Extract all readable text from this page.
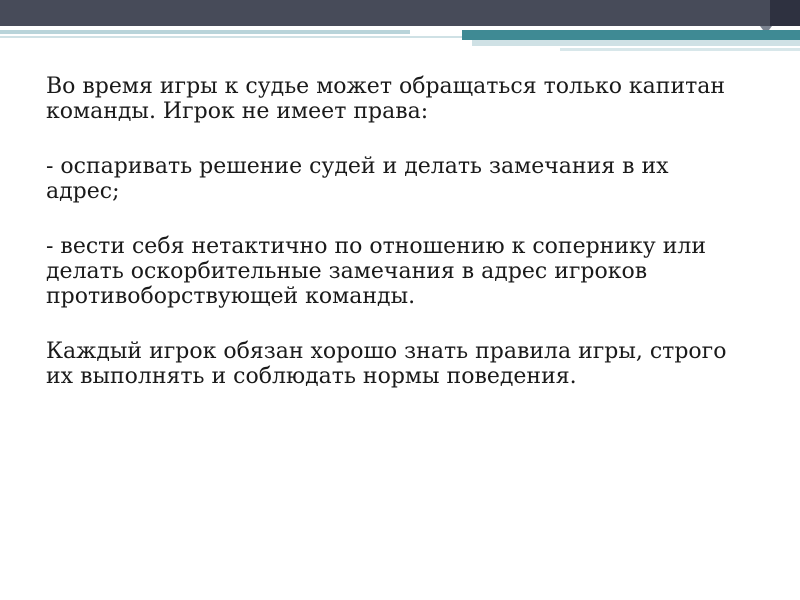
Во время игры к судье может обращаться только капитан команды. Игрок не имеет права:

- оспаривать решение судей и делать замечания в их адрес;

- вести себя нетактично по отношению к сопернику или делать оскорбительные замечания в адрес игроков противоборствующей команды.

Каждый игрок обязан хорошо знать правила игры, строго их выполнять и соблюдать нормы поведения.
